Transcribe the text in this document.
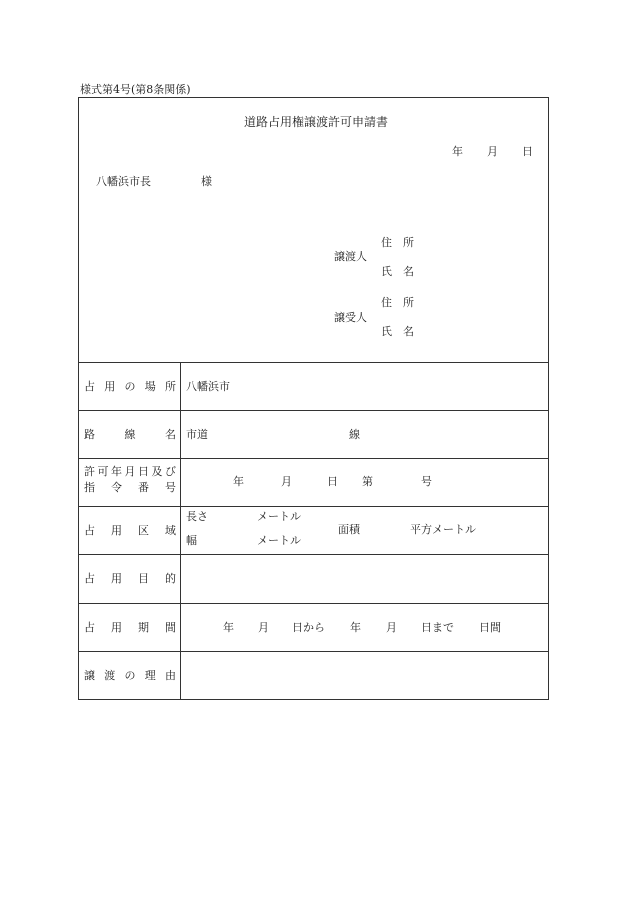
様式第4号(第8条関係)
道路占用権譲渡許可申請書
年 月 日
八幡浜市長	様
譲渡人
住　所
氏　名
譲受人
住　所
氏　名
占 用 の 場 所 八幡浜市
路	線	名 市道	線
許 可 年 月 日 及 び
指 令 番 号	年	月	日 第	号
占 用 区 域
長さ	メートル
幅	メートル
面積	平方メートル
占 用 目 的
占 用 期 間	年 月 日から 年 月 日まで 日間
譲 渡 の 理 由
